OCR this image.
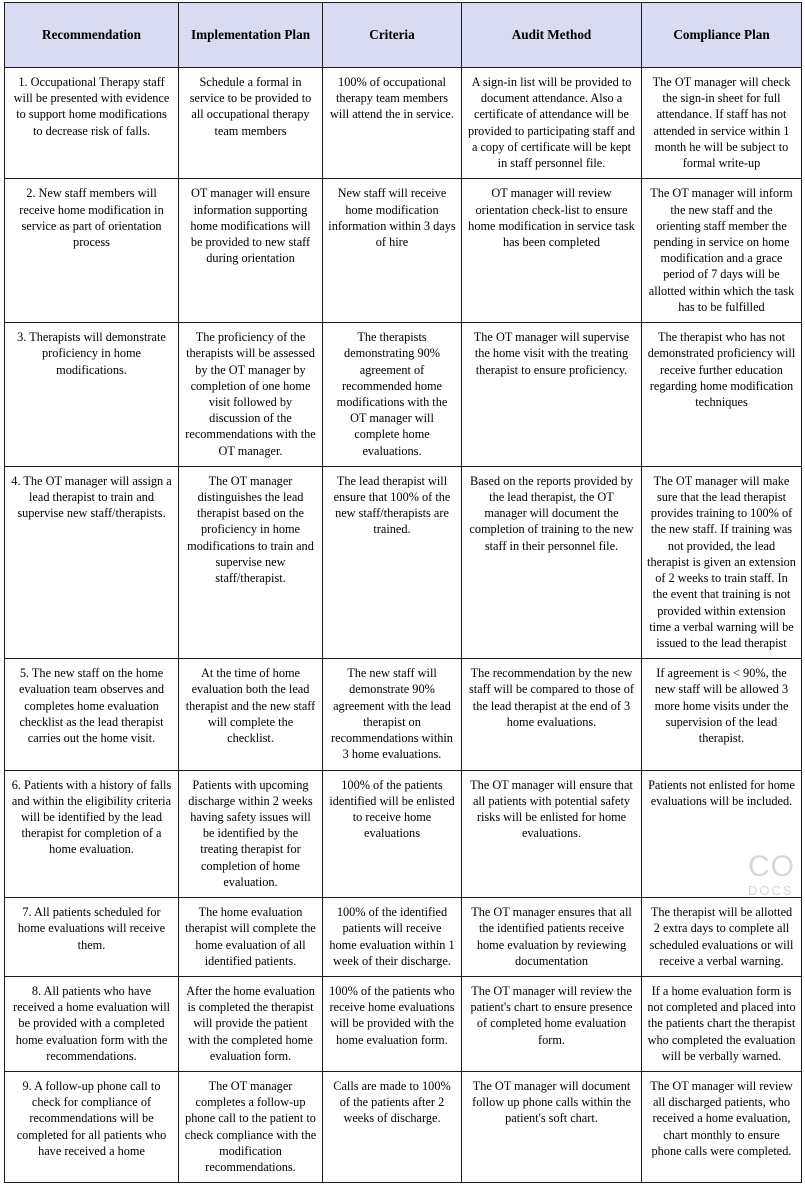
Recommendation	Implementation Plan	Criteria	Audit Method	Compliance Plan
1. Occupational Therapy staff will be presented with evidence to support home modifications to decrease risk of falls.	Schedule a formal in service to be provided to all occupational therapy team members	100% of occupational therapy team members will attend the in service.	A sign-in list will be provided to document attendance. Also a certificate of attendance will be provided to participating staff and a copy of certificate will be kept in staff personnel file.	The OT manager will check the sign-in sheet for full attendance. If staff has not attended in service within 1 month he will be subject to formal write-up
2. New staff members will receive home modification in service as part of orientation process	OT manager will ensure information supporting home modifications will be provided to new staff during orientation	New staff will receive home modification information within 3 days of hire	OT manager will review orientation check-list to ensure home modification in service task has been completed	The OT manager will inform the new staff and the orienting staff member the pending in service on home modification and a grace period of 7 days will be allotted within which the task has to be fulfilled
3. Therapists will demonstrate proficiency in home modifications.	The proficiency of the therapists will be assessed by the OT manager by completion of one home visit followed by discussion of the recommendations with the OT manager.	The therapists demonstrating 90% agreement of recommended home modifications with the OT manager will complete home evaluations.	The OT manager will supervise the home visit with the treating therapist to ensure proficiency.	The therapist who has not demonstrated proficiency will receive further education regarding home modification techniques
4. The OT manager will assign a lead therapist to train and supervise new staff/therapists.	The OT manager distinguishes the lead therapist based on the proficiency in home modifications to train and supervise new staff/therapist.	The lead therapist will ensure that 100% of the new staff/therapists are trained.	Based on the reports provided by the lead therapist, the OT manager will document the completion of training to the new staff in their personnel file.	The OT manager will make sure that the lead therapist provides training to 100% of the new staff. If training was not provided, the lead therapist is given an extension of 2 weeks to train staff. In the event that training is not provided within extension time a verbal warning will be issued to the lead therapist
5. The new staff on the home evaluation team observes and completes home evaluation checklist as the lead therapist carries out the home visit.	At the time of home evaluation both the lead therapist and the new staff will complete the checklist.	The new staff will demonstrate 90% agreement with the lead therapist on recommendations within 3 home evaluations.	The recommendation by the new staff will be compared to those of the lead therapist at the end of 3 home evaluations.	If agreement is < 90%, the new staff will be allowed 3 more home visits under the supervision of the lead therapist.
6. Patients with a history of falls and within the eligibility criteria will be identified by the lead therapist for completion of a home evaluation.	Patients with upcoming discharge within 2 weeks having safety issues will be identified by the treating therapist for completion of home evaluation.	100% of the patients identified will be enlisted to receive home evaluations	The OT manager will ensure that all patients with potential safety risks will be enlisted for home evaluations.	Patients not enlisted for home evaluations will be included.
7. All patients scheduled for home evaluations will receive them.	The home evaluation therapist will complete the home evaluation of all identified patients.	100% of the identified patients will receive home evaluation within 1 week of their discharge.	The OT manager ensures that all the identified patients receive home evaluation by reviewing documentation	The therapist will be allotted 2 extra days to complete all scheduled evaluations or will receive a verbal warning.
8. All patients who have received a home evaluation will be provided with a completed home evaluation form with the recommendations.	After the home evaluation is completed the therapist will provide the patient with the completed home evaluation form.	100% of the patients who receive home evaluations will be provided with the home evaluation form.	The OT manager will review the patient's chart to ensure presence of completed home evaluation form.	If a home evaluation form is not completed and placed into the patients chart the therapist who completed the evaluation will be verbally warned.
9. A follow-up phone call to check for compliance of recommendations will be completed for all patients who have received a home	The OT manager completes a follow-up phone call to the patient to check compliance with the modification recommendations.	Calls are made to 100% of the patients after 2 weeks of discharge.	The OT manager will document follow up phone calls within the patient's soft chart.	The OT manager will review all discharged patients, who received a home evaluation, chart monthly to ensure phone calls were completed.
CO
DOCS
